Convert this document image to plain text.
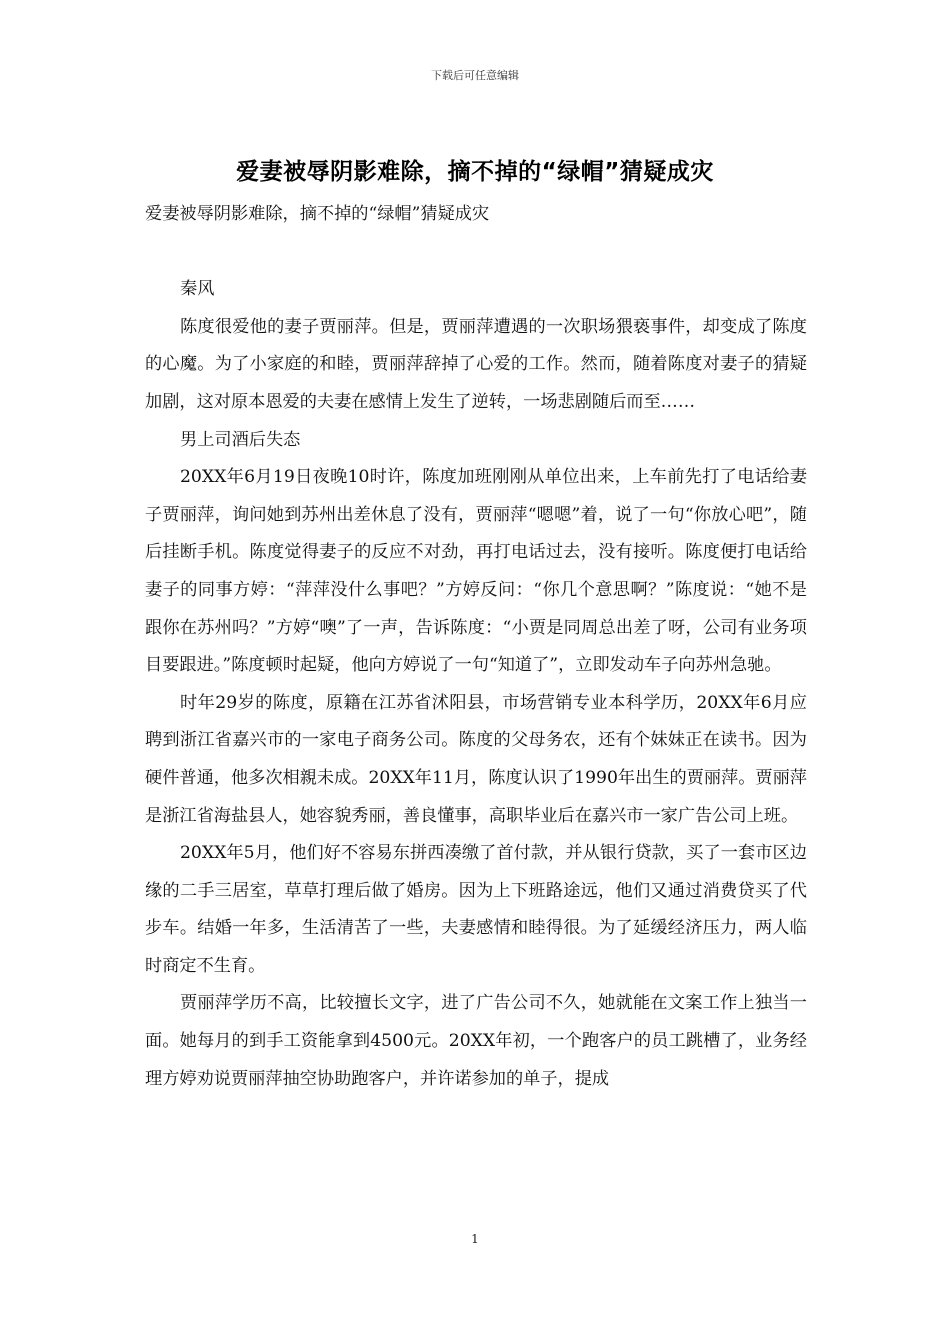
下载后可任意编辑
爱妻被辱阴影难除，摘不掉的“绿帽”猜疑成灾

爱妻被辱阴影难除，摘不掉的“绿帽”猜疑成灾

秦风

陈度很爱他的妻子贾丽萍。但是，贾丽萍遭遇的一次职场猥亵事件，却变成了陈度的心魔。为了小家庭的和睦，贾丽萍辞掉了心爱的工作。然而，随着陈度对妻子的猜疑加剧，这对原本恩爱的夫妻在感情上发生了逆转，一场悲剧随后而至……

男上司酒后失态

20XX年6月19日夜晚10时许，陈度加班刚刚从单位出来，上车前先打了电话给妻子贾丽萍，询问她到苏州出差休息了没有，贾丽萍“嗯嗯”着，说了一句“你放心吧”，随后挂断手机。陈度觉得妻子的反应不对劲，再打电话过去，没有接听。陈度便打电话给妻子的同事方婷：“萍萍没什么事吧？”方婷反问：“你几个意思啊？”陈度说：“她不是跟你在苏州吗？”方婷“噢”了一声，告诉陈度：“小贾是同周总出差了呀，公司有业务项目要跟进。”陈度顿时起疑，他向方婷说了一句“知道了”，立即发动车子向苏州急驰。

时年29岁的陈度，原籍在江苏省沭阳县，市场营销专业本科学历，20XX年6月应聘到浙江省嘉兴市的一家电子商务公司。陈度的父母务农，还有个妹妹正在读书。因为硬件普通，他多次相親未成。20XX年11月，陈度认识了1990年出生的贾丽萍。贾丽萍是浙江省海盐县人，她容貌秀丽，善良懂事，高职毕业后在嘉兴市一家广告公司上班。

20XX年5月，他们好不容易东拼西凑缴了首付款，并从银行贷款，买了一套市区边缘的二手三居室，草草打理后做了婚房。因为上下班路途远，他们又通过消费贷买了代步车。结婚一年多，生活清苦了一些，夫妻感情和睦得很。为了延缓经济压力，两人临时商定不生育。

贾丽萍学历不高，比较擅长文字，进了广告公司不久，她就能在文案工作上独当一面。她每月的到手工资能拿到4500元。20XX年初，一个跑客户的员工跳槽了，业务经理方婷劝说贾丽萍抽空协助跑客户，并许诺参加的单子，提成

1
